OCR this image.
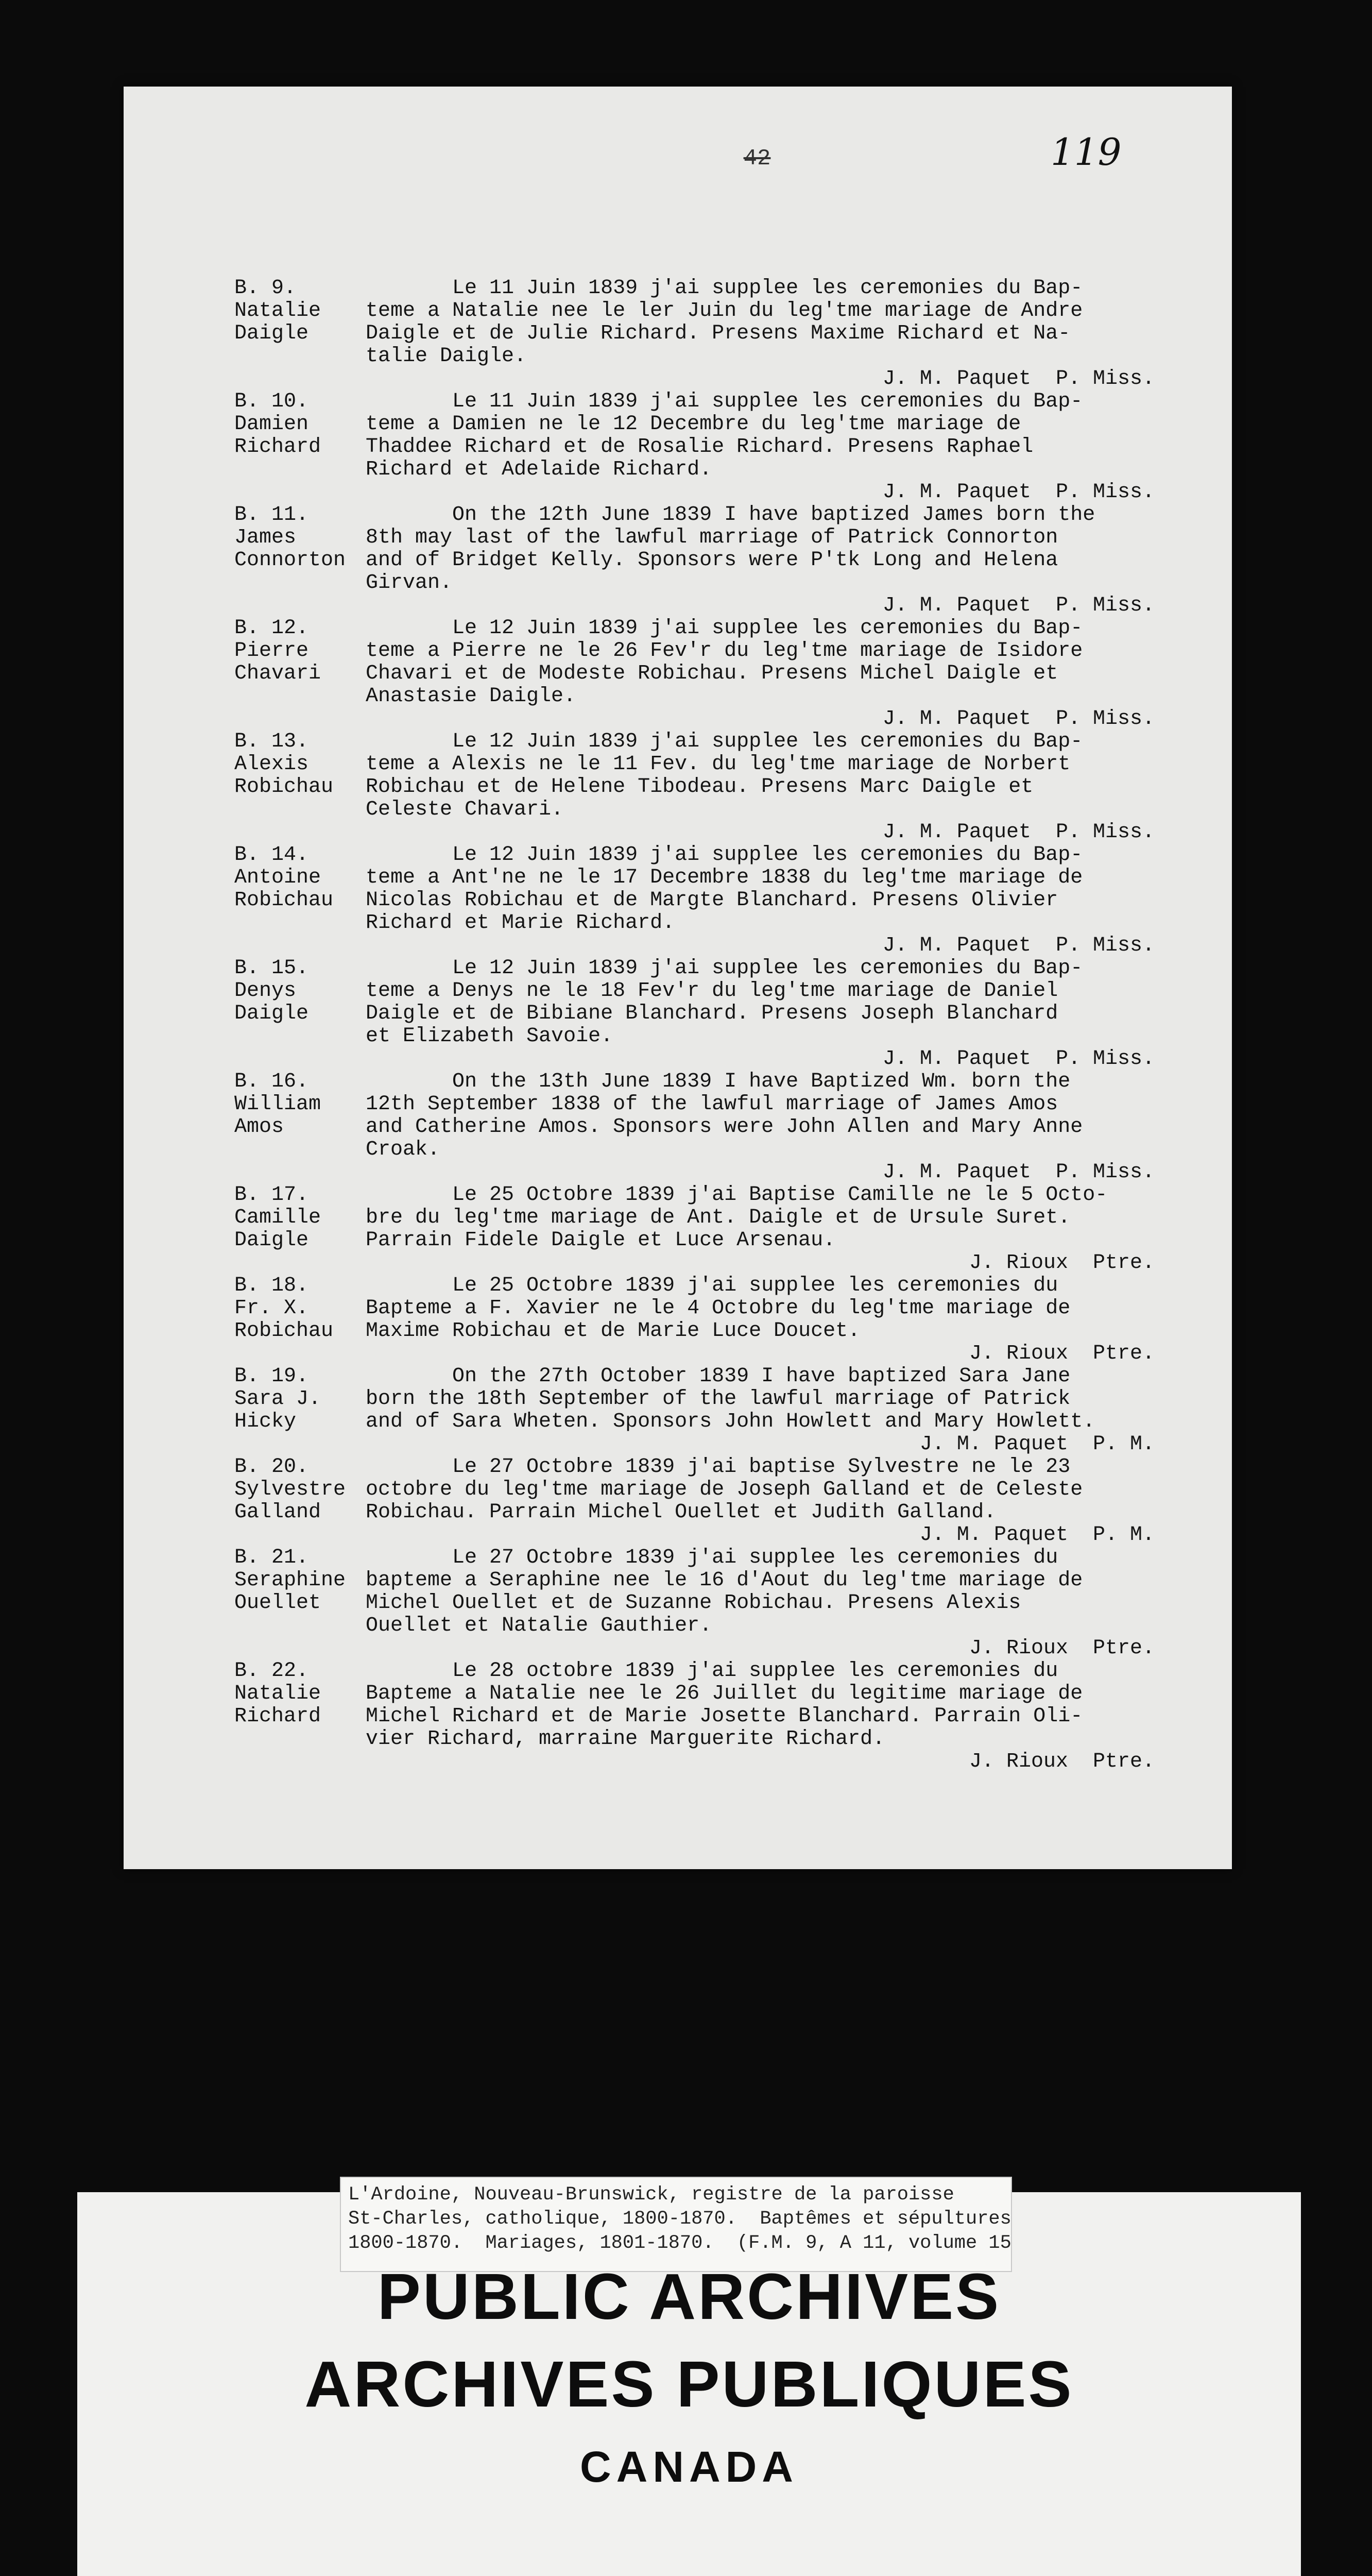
42	119
B. 9.
Natalie
Daigle
Le 11 Juin 1839 j'ai supplee les ceremonies du Bap-
teme a Natalie nee le ler Juin du leg'tme mariage de Andre
Daigle et de Julie Richard. Presens Maxime Richard et Na-
talie Daigle.
J. M. Paquet  P. Miss.
B. 10.
Damien
Richard
Le 11 Juin 1839 j'ai supplee les ceremonies du Bap-
teme a Damien ne le 12 Decembre du leg'tme mariage de
Thaddee Richard et de Rosalie Richard. Presens Raphael
Richard et Adelaide Richard.
J. M. Paquet  P. Miss.
B. 11.
James
Connorton
On the 12th June 1839 I have baptized James born the
8th may last of the lawful marriage of Patrick Connorton
and of Bridget Kelly. Sponsors were P'tk Long and Helena
Girvan.
J. M. Paquet  P. Miss.
B. 12.
Pierre
Chavari
Le 12 Juin 1839 j'ai supplee les ceremonies du Bap-
teme a Pierre ne le 26 Fev'r du leg'tme mariage de Isidore
Chavari et de Modeste Robichau. Presens Michel Daigle et
Anastasie Daigle.
J. M. Paquet  P. Miss.
B. 13.
Alexis
Robichau
Le 12 Juin 1839 j'ai supplee les ceremonies du Bap-
teme a Alexis ne le 11 Fev. du leg'tme mariage de Norbert
Robichau et de Helene Tibodeau. Presens Marc Daigle et
Celeste Chavari.
J. M. Paquet  P. Miss.
B. 14.
Antoine
Robichau
Le 12 Juin 1839 j'ai supplee les ceremonies du Bap-
teme a Ant'ne ne le 17 Decembre 1838 du leg'tme mariage de
Nicolas Robichau et de Margte Blanchard. Presens Olivier
Richard et Marie Richard.
J. M. Paquet  P. Miss.
B. 15.
Denys
Daigle
Le 12 Juin 1839 j'ai supplee les ceremonies du Bap-
teme a Denys ne le 18 Fev'r du leg'tme mariage de Daniel
Daigle et de Bibiane Blanchard. Presens Joseph Blanchard
et Elizabeth Savoie.
J. M. Paquet  P. Miss.
B. 16.
William
Amos
On the 13th June 1839 I have Baptized Wm. born the
12th September 1838 of the lawful marriage of James Amos
and Catherine Amos. Sponsors were John Allen and Mary Anne
Croak.
J. M. Paquet  P. Miss.
B. 17.
Camille
Daigle
Le 25 Octobre 1839 j'ai Baptise Camille ne le 5 Octo-
bre du leg'tme mariage de Ant. Daigle et de Ursule Suret.
Parrain Fidele Daigle et Luce Arsenau.
J. Rioux  Ptre.
B. 18.
Fr. X.
Robichau
Le 25 Octobre 1839 j'ai supplee les ceremonies du
Bapteme a F. Xavier ne le 4 Octobre du leg'tme mariage de
Maxime Robichau et de Marie Luce Doucet.
J. Rioux  Ptre.
B. 19.
Sara J.
Hicky
On the 27th October 1839 I have baptized Sara Jane
born the 18th September of the lawful marriage of Patrick
and of Sara Wheten. Sponsors John Howlett and Mary Howlett.
J. M. Paquet  P. M.
B. 20.
Sylvestre
Galland
Le 27 Octobre 1839 j'ai baptise Sylvestre ne le 23
octobre du leg'tme mariage de Joseph Galland et de Celeste
Robichau. Parrain Michel Ouellet et Judith Galland.
J. M. Paquet  P. M.
B. 21.
Seraphine
Ouellet
Le 27 Octobre 1839 j'ai supplee les ceremonies du
bapteme a Seraphine nee le 16 d'Aout du leg'tme mariage de
Michel Ouellet et de Suzanne Robichau. Presens Alexis
Ouellet et Natalie Gauthier.
J. Rioux  Ptre.
B. 22.
Natalie
Richard
Le 28 octobre 1839 j'ai supplee les ceremonies du
Bapteme a Natalie nee le 26 Juillet du legitime mariage de
Michel Richard et de Marie Josette Blanchard. Parrain Oli-
vier Richard, marraine Marguerite Richard.
J. Rioux  Ptre.
L'Ardoine, Nouveau-Brunswick, registre de la paroisse
St-Charles, catholique, 1800-1870.  Baptêmes et sépultures
1800-1870.  Mariages, 1801-1870.  (F.M. 9, A 11, volume 15
PUBLIC ARCHIVES
ARCHIVES PUBLIQUES
CANADA
